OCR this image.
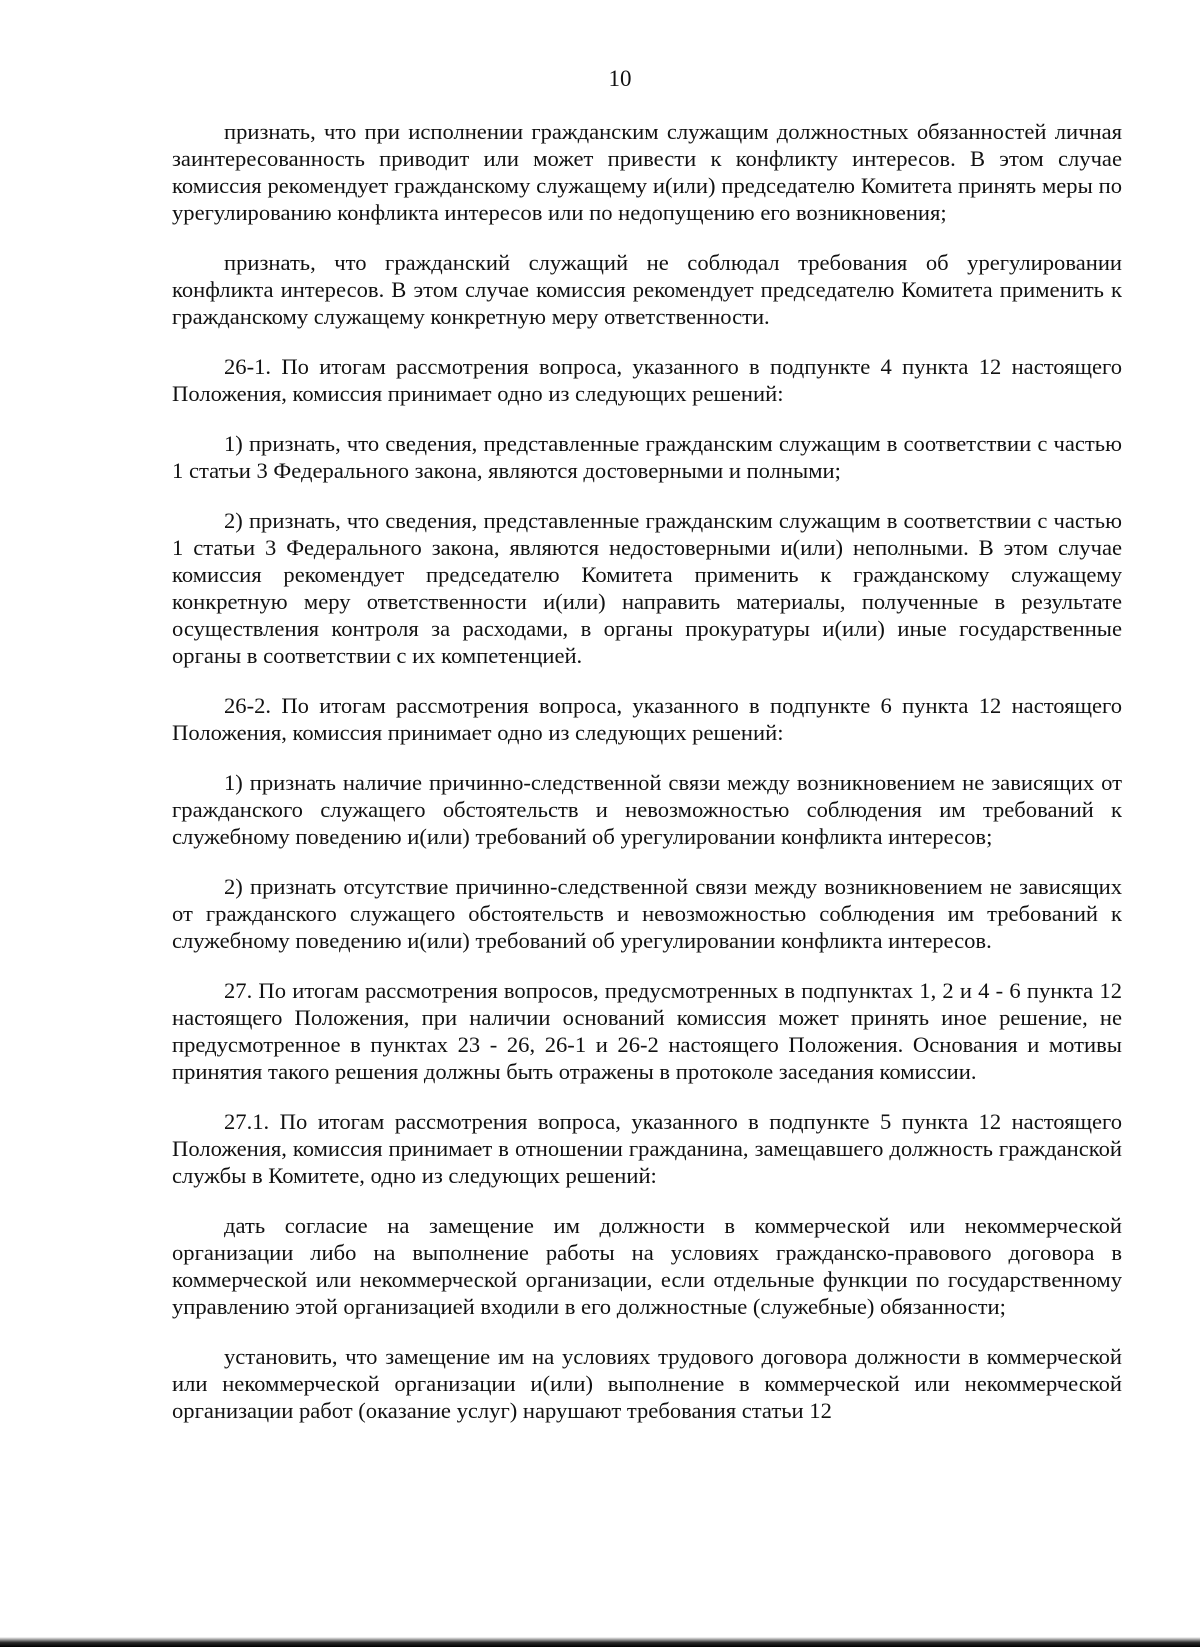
10

признать, что при исполнении гражданским служащим должностных обязанностей личная заинтересованность приводит или может привести к конфликту интересов. В этом случае комиссия рекомендует гражданскому служащему и(или) председателю Комитета принять меры по урегулированию конфликта интересов или по недопущению его возникновения;

признать, что гражданский служащий не соблюдал требования об урегулировании конфликта интересов. В этом случае комиссия рекомендует председателю Комитета применить к гражданскому служащему конкретную меру ответственности.

26-1. По итогам рассмотрения вопроса, указанного в подпункте 4 пункта 12 настоящего Положения, комиссия принимает одно из следующих решений:

1) признать, что сведения, представленные гражданским служащим в соответствии с частью 1 статьи 3 Федерального закона, являются достоверными и полными;

2) признать, что сведения, представленные гражданским служащим в соответствии с частью 1 статьи 3 Федерального закона, являются недостоверными и(или) неполными. В этом случае комиссия рекомендует председателю Комитета применить к гражданскому служащему конкретную меру ответственности и(или) направить материалы, полученные в результате осуществления контроля за расходами, в органы прокуратуры и(или) иные государственные органы в соответствии с их компетенцией.

26-2. По итогам рассмотрения вопроса, указанного в подпункте 6 пункта 12 настоящего Положения, комиссия принимает одно из следующих решений:

1) признать наличие причинно-следственной связи между возникновением не зависящих от гражданского служащего обстоятельств и невозможностью соблюдения им требований к служебному поведению и(или) требований об урегулировании конфликта интересов;

2) признать отсутствие причинно-следственной связи между возникновением не зависящих от гражданского служащего обстоятельств и невозможностью соблюдения им требований к служебному поведению и(или) требований об урегулировании конфликта интересов.

27. По итогам рассмотрения вопросов, предусмотренных в подпунктах 1, 2 и 4 - 6 пункта 12 настоящего Положения, при наличии оснований комиссия может принять иное решение, не предусмотренное в пунктах 23 - 26, 26-1 и 26-2 настоящего Положения. Основания и мотивы принятия такого решения должны быть отражены в протоколе заседания комиссии.

27.1. По итогам рассмотрения вопроса, указанного в подпункте 5 пункта 12 настоящего Положения, комиссия принимает в отношении гражданина, замещавшего должность гражданской службы в Комитете, одно из следующих решений:

дать согласие на замещение им должности в коммерческой или некоммерческой организации либо на выполнение работы на условиях гражданско-правового договора в коммерческой или некоммерческой организации, если отдельные функции по государственному управлению этой организацией входили в его должностные (служебные) обязанности;

установить, что замещение им на условиях трудового договора должности в коммерческой или некоммерческой организации и(или) выполнение в коммерческой или некоммерческой организации работ (оказание услуг) нарушают требования статьи 12
